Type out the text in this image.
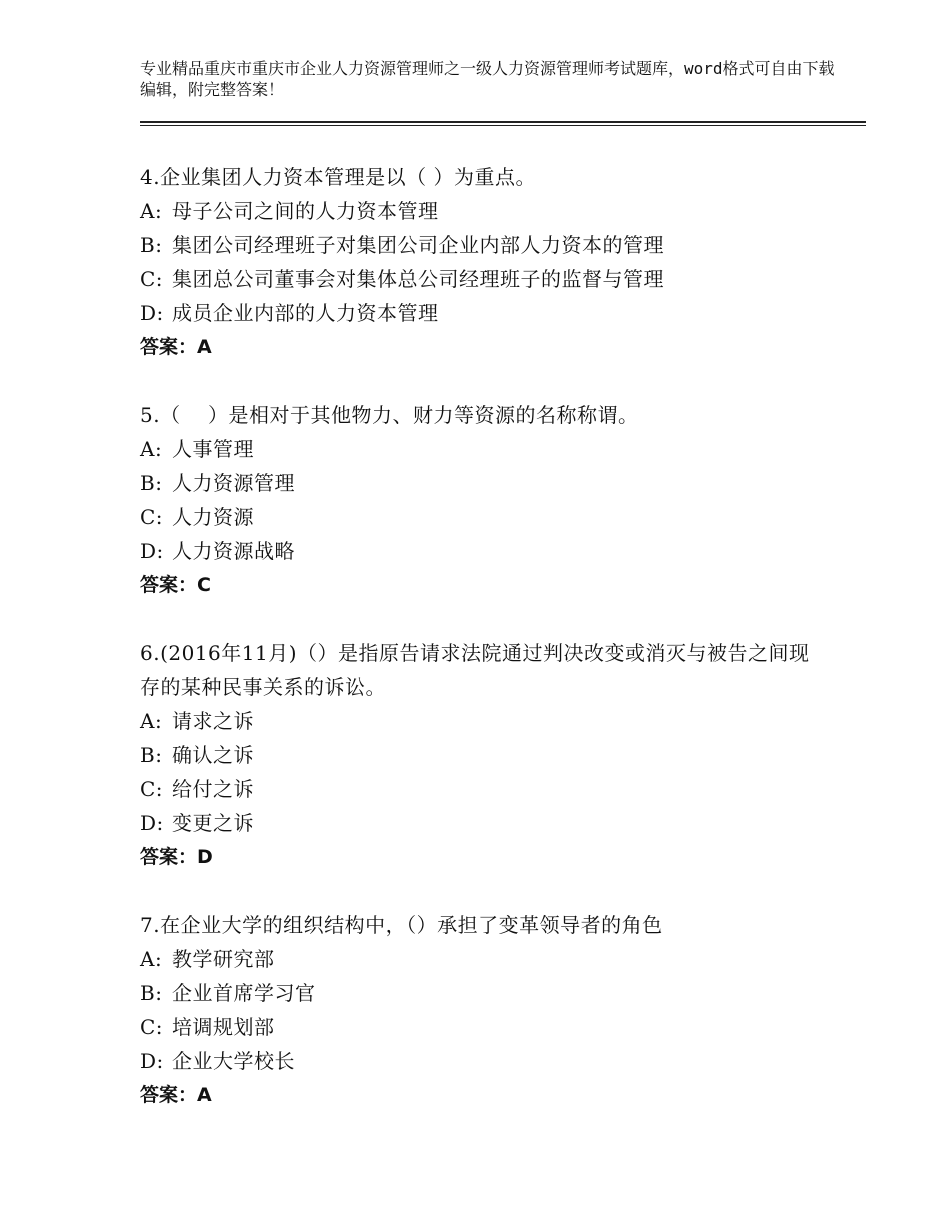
专业精品重庆市重庆市企业人力资源管理师之一级人力资源管理师考试题库，word格式可自由下载编辑，附完整答案！
4.企业集团人力资本管理是以（ ）为重点。
A: 母子公司之间的人力资本管理
B: 集团公司经理班子对集团公司企业内部人力资本的管理
C: 集团总公司董事会对集体总公司经理班子的监督与管理
D: 成员企业内部的人力资本管理
答案：A
5.（　 ）是相对于其他物力、财力等资源的名称称谓。
A: 人事管理
B: 人力资源管理
C: 人力资源
D: 人力资源战略
答案：C
6.(2016年11月)（）是指原告请求法院通过判决改变或消灭与被告之间现存的某种民事关系的诉讼。
A: 请求之诉
B: 确认之诉
C: 给付之诉
D: 变更之诉
答案：D
7.在企业大学的组织结构中，（）承担了变革领导者的角色
A: 教学研究部
B: 企业首席学习官
C: 培调规划部
D: 企业大学校长
答案：A
